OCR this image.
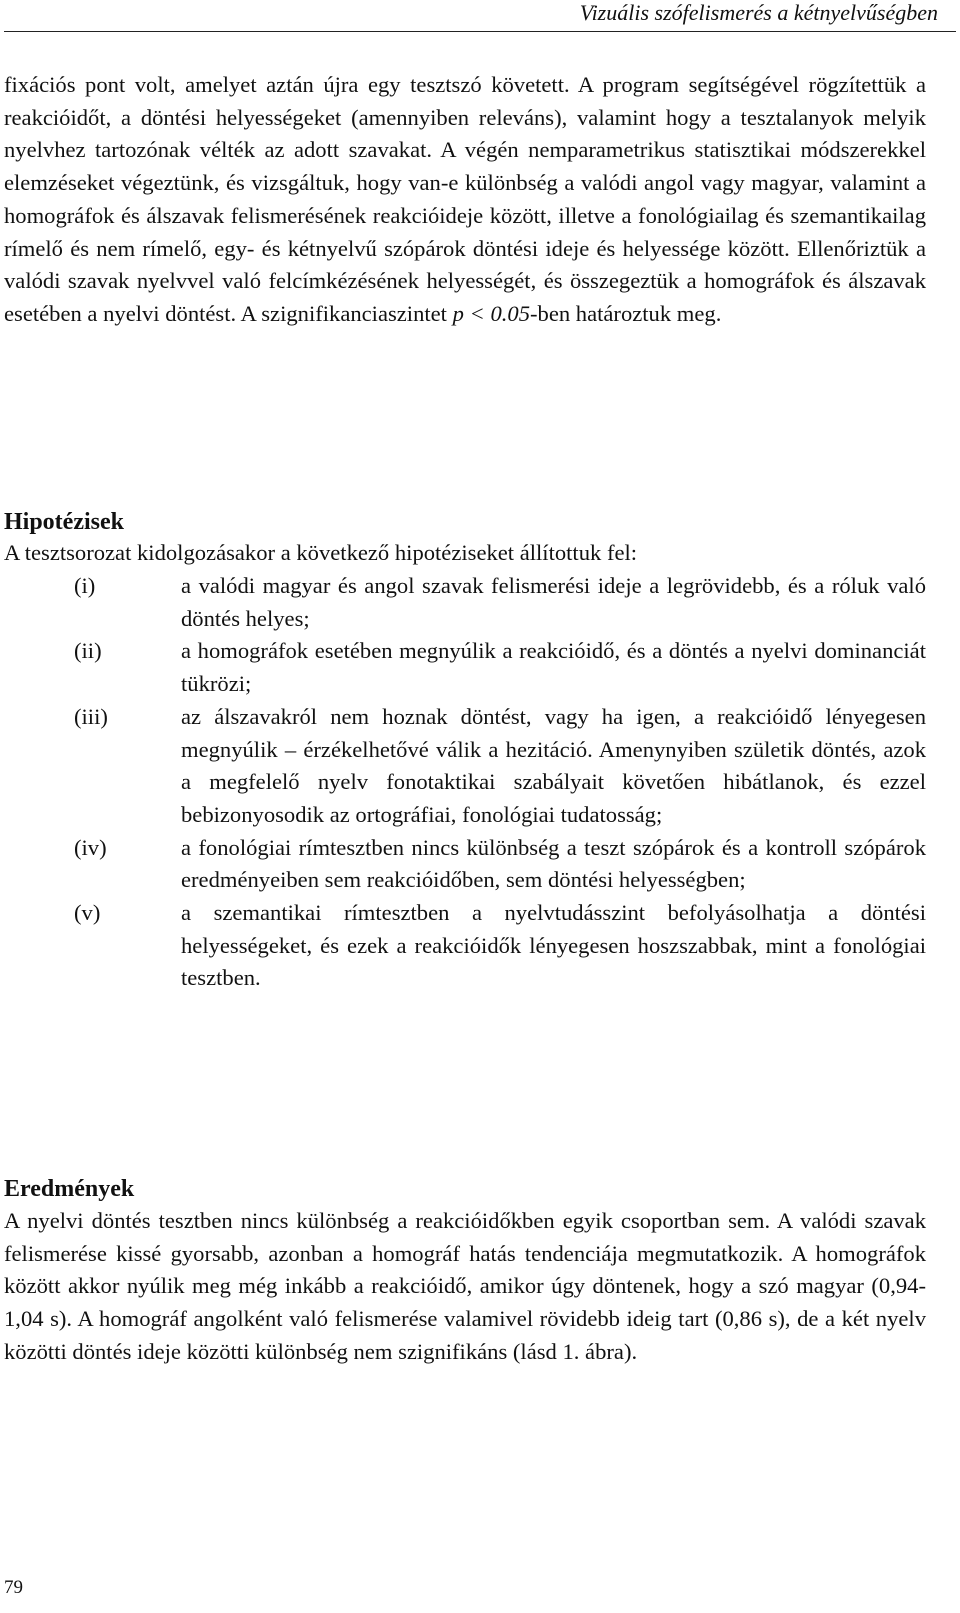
Vizuális szófelismerés a kétnyelvűségben

fixációs pont volt, amelyet aztán újra egy tesztszó követett. A program segítségével rögzítettük a reakcióidőt, a döntési helyességeket (amennyiben releváns), valamint hogy a tesztalanyok melyik nyelvhez tartozónak vélték az adott szavakat. A végén nemparametrikus statisztikai módszerekkel elemzéseket végeztünk, és vizsgáltuk, hogy van-e különbség a valódi angol vagy magyar, valamint a homográfok és álszavak felismerésének reakcióideje között, illetve a fonológiailag és szemantikailag rímelő és nem rímelő, egy- és kétnyelvű szópárok döntési ideje és helyessége között. Ellenőriztük a valódi szavak nyelvvel való felcímkézésének helyességét, és összegeztük a homográfok és álszavak esetében a nyelvi döntést. A szignifikanciaszintet p < 0.05-ben határoztuk meg.

Hipotézisek

A tesztsorozat kidolgozásakor a következő hipotéziseket állítottuk fel:

(i)	a valódi magyar és angol szavak felismerési ideje a legrövidebb, és a róluk való döntés helyes;
(ii)	a homográfok esetében megnyúlik a reakcióidő, és a döntés a nyelvi dominanciát tükrözi;
(iii)	az álszavakról nem hoznak döntést, vagy ha igen, a reakcióidő lényegesen megnyúlik – érzékelhetővé válik a hezitáció. Amenynyiben születik döntés, azok a megfelelő nyelv fonotaktikai szabályait követően hibátlanok, és ezzel bebizonyosodik az ortográfiai, fonológiai tudatosság;
(iv)	a fonológiai rímtesztben nincs különbség a teszt szópárok és a kontroll szópárok eredményeiben sem reakcióidőben, sem döntési helyességben;
(v)	a szemantikai rímtesztben a nyelvtudásszint befolyásolhatja a döntési helyességeket, és ezek a reakcióidők lényegesen hoszszabbak, mint a fonológiai tesztben.
Eredmények

A nyelvi döntés tesztben nincs különbség a reakcióidőkben egyik csoportban sem. A valódi szavak felismerése kissé gyorsabb, azonban a homográf hatás tendenciája megmutatkozik. A homográfok között akkor nyúlik meg még inkább a reakcióidő, amikor úgy döntenek, hogy a szó magyar (0,94-1,04 s). A homográf angolként való felismerése valamivel rövidebb ideig tart (0,86 s), de a két nyelv közötti döntés ideje közötti különbség nem szignifikáns (lásd 1. ábra).

79
